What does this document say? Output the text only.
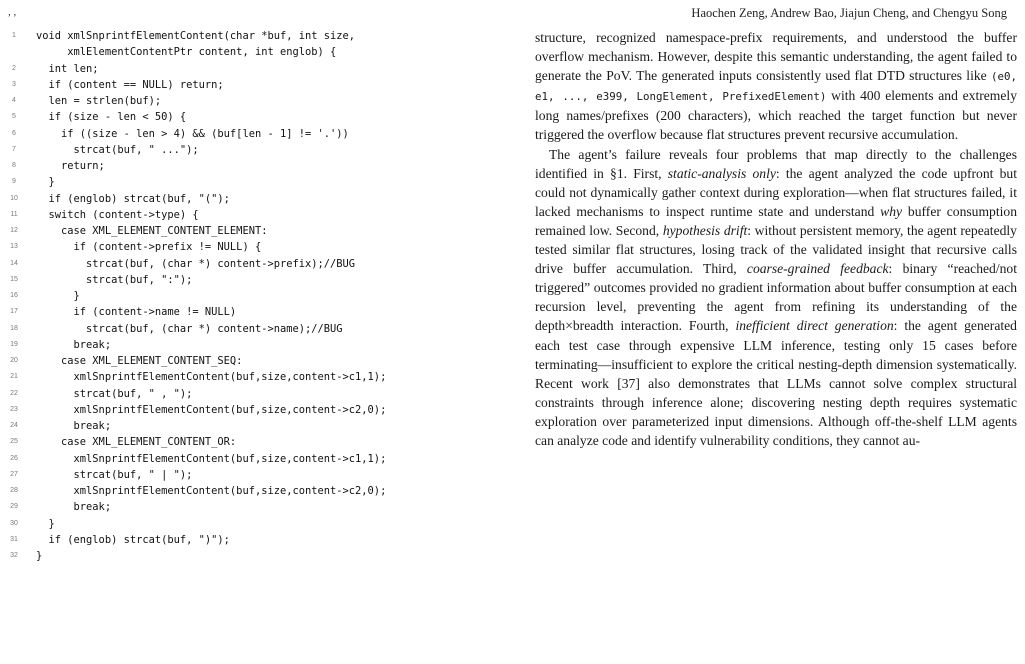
, ,	Haochen Zeng, Andrew Bao, Jiajun Cheng, and Chengyu Song
1	void xmlSnprintfElementContent(char *buf, int size,
xmlElementContentPtr content, int englob) {
2	int len;
3	if (content == NULL) return;
4	len = strlen(buf);
5	if (size - len < 50) {
6	if ((size - len > 4) && (buf[len - 1] != '.'))
7	strcat(buf, " ...");
8	return;
9	}
10	if (englob) strcat(buf, "(");
11	switch (content->type) {
12	case XML_ELEMENT_CONTENT_ELEMENT:
13	if (content->prefix != NULL) {
14	strcat(buf, (char *) content->prefix);//BUG
15	strcat(buf, ":");
16	}
17	if (content->name != NULL)
18	strcat(buf, (char *) content->name);//BUG
19	break;
20	case XML_ELEMENT_CONTENT_SEQ:
21	xmlSnprintfElementContent(buf,size,content->c1,1);
22	strcat(buf, " , ");
23	xmlSnprintfElementContent(buf,size,content->c2,0);
24	break;
25	case XML_ELEMENT_CONTENT_OR:
26	xmlSnprintfElementContent(buf,size,content->c1,1);
27	strcat(buf, " | ");
28	xmlSnprintfElementContent(buf,size,content->c2,0);
29	break;
30	}
31	if (englob) strcat(buf, ")");
32	}

structure, recognized namespace-prefix requirements, and understood the buffer overflow mechanism. However, despite this semantic understanding, the agent failed to generate the PoV. The generated inputs consistently used flat DTD structures like (e0, e1, ..., e399, LongElement, PrefixedElement) with 400 elements and extremely long names/prefixes (200 characters), which reached the target function but never triggered the overflow because flat structures prevent recursive accumulation.

The agent’s failure reveals four problems that map directly to the challenges identified in §1. First, static-analysis only: the agent analyzed the code upfront but could not dynamically gather context during exploration—when flat structures failed, it lacked mechanisms to inspect runtime state and understand why buffer consumption remained low. Second, hypothesis drift: without persistent memory, the agent repeatedly tested similar flat structures, losing track of the validated insight that recursive calls drive buffer accumulation. Third, coarse-grained feedback: binary “reached/not triggered” outcomes provided no gradient information about buffer consumption at each recursion level, preventing the agent from refining its understanding of the depth×breadth interaction. Fourth, inefficient direct generation: the agent generated each test case through expensive LLM inference, testing only 15 cases before terminating—insufficient to explore the critical nesting-depth dimension systematically. Recent work [37] also demonstrates that LLMs cannot solve complex structural constraints through inference alone; discovering nesting depth requires systematic exploration over parameterized input dimensions. Although off-the-shelf LLM agents can analyze code and identify vulnerability conditions, they cannot au-
